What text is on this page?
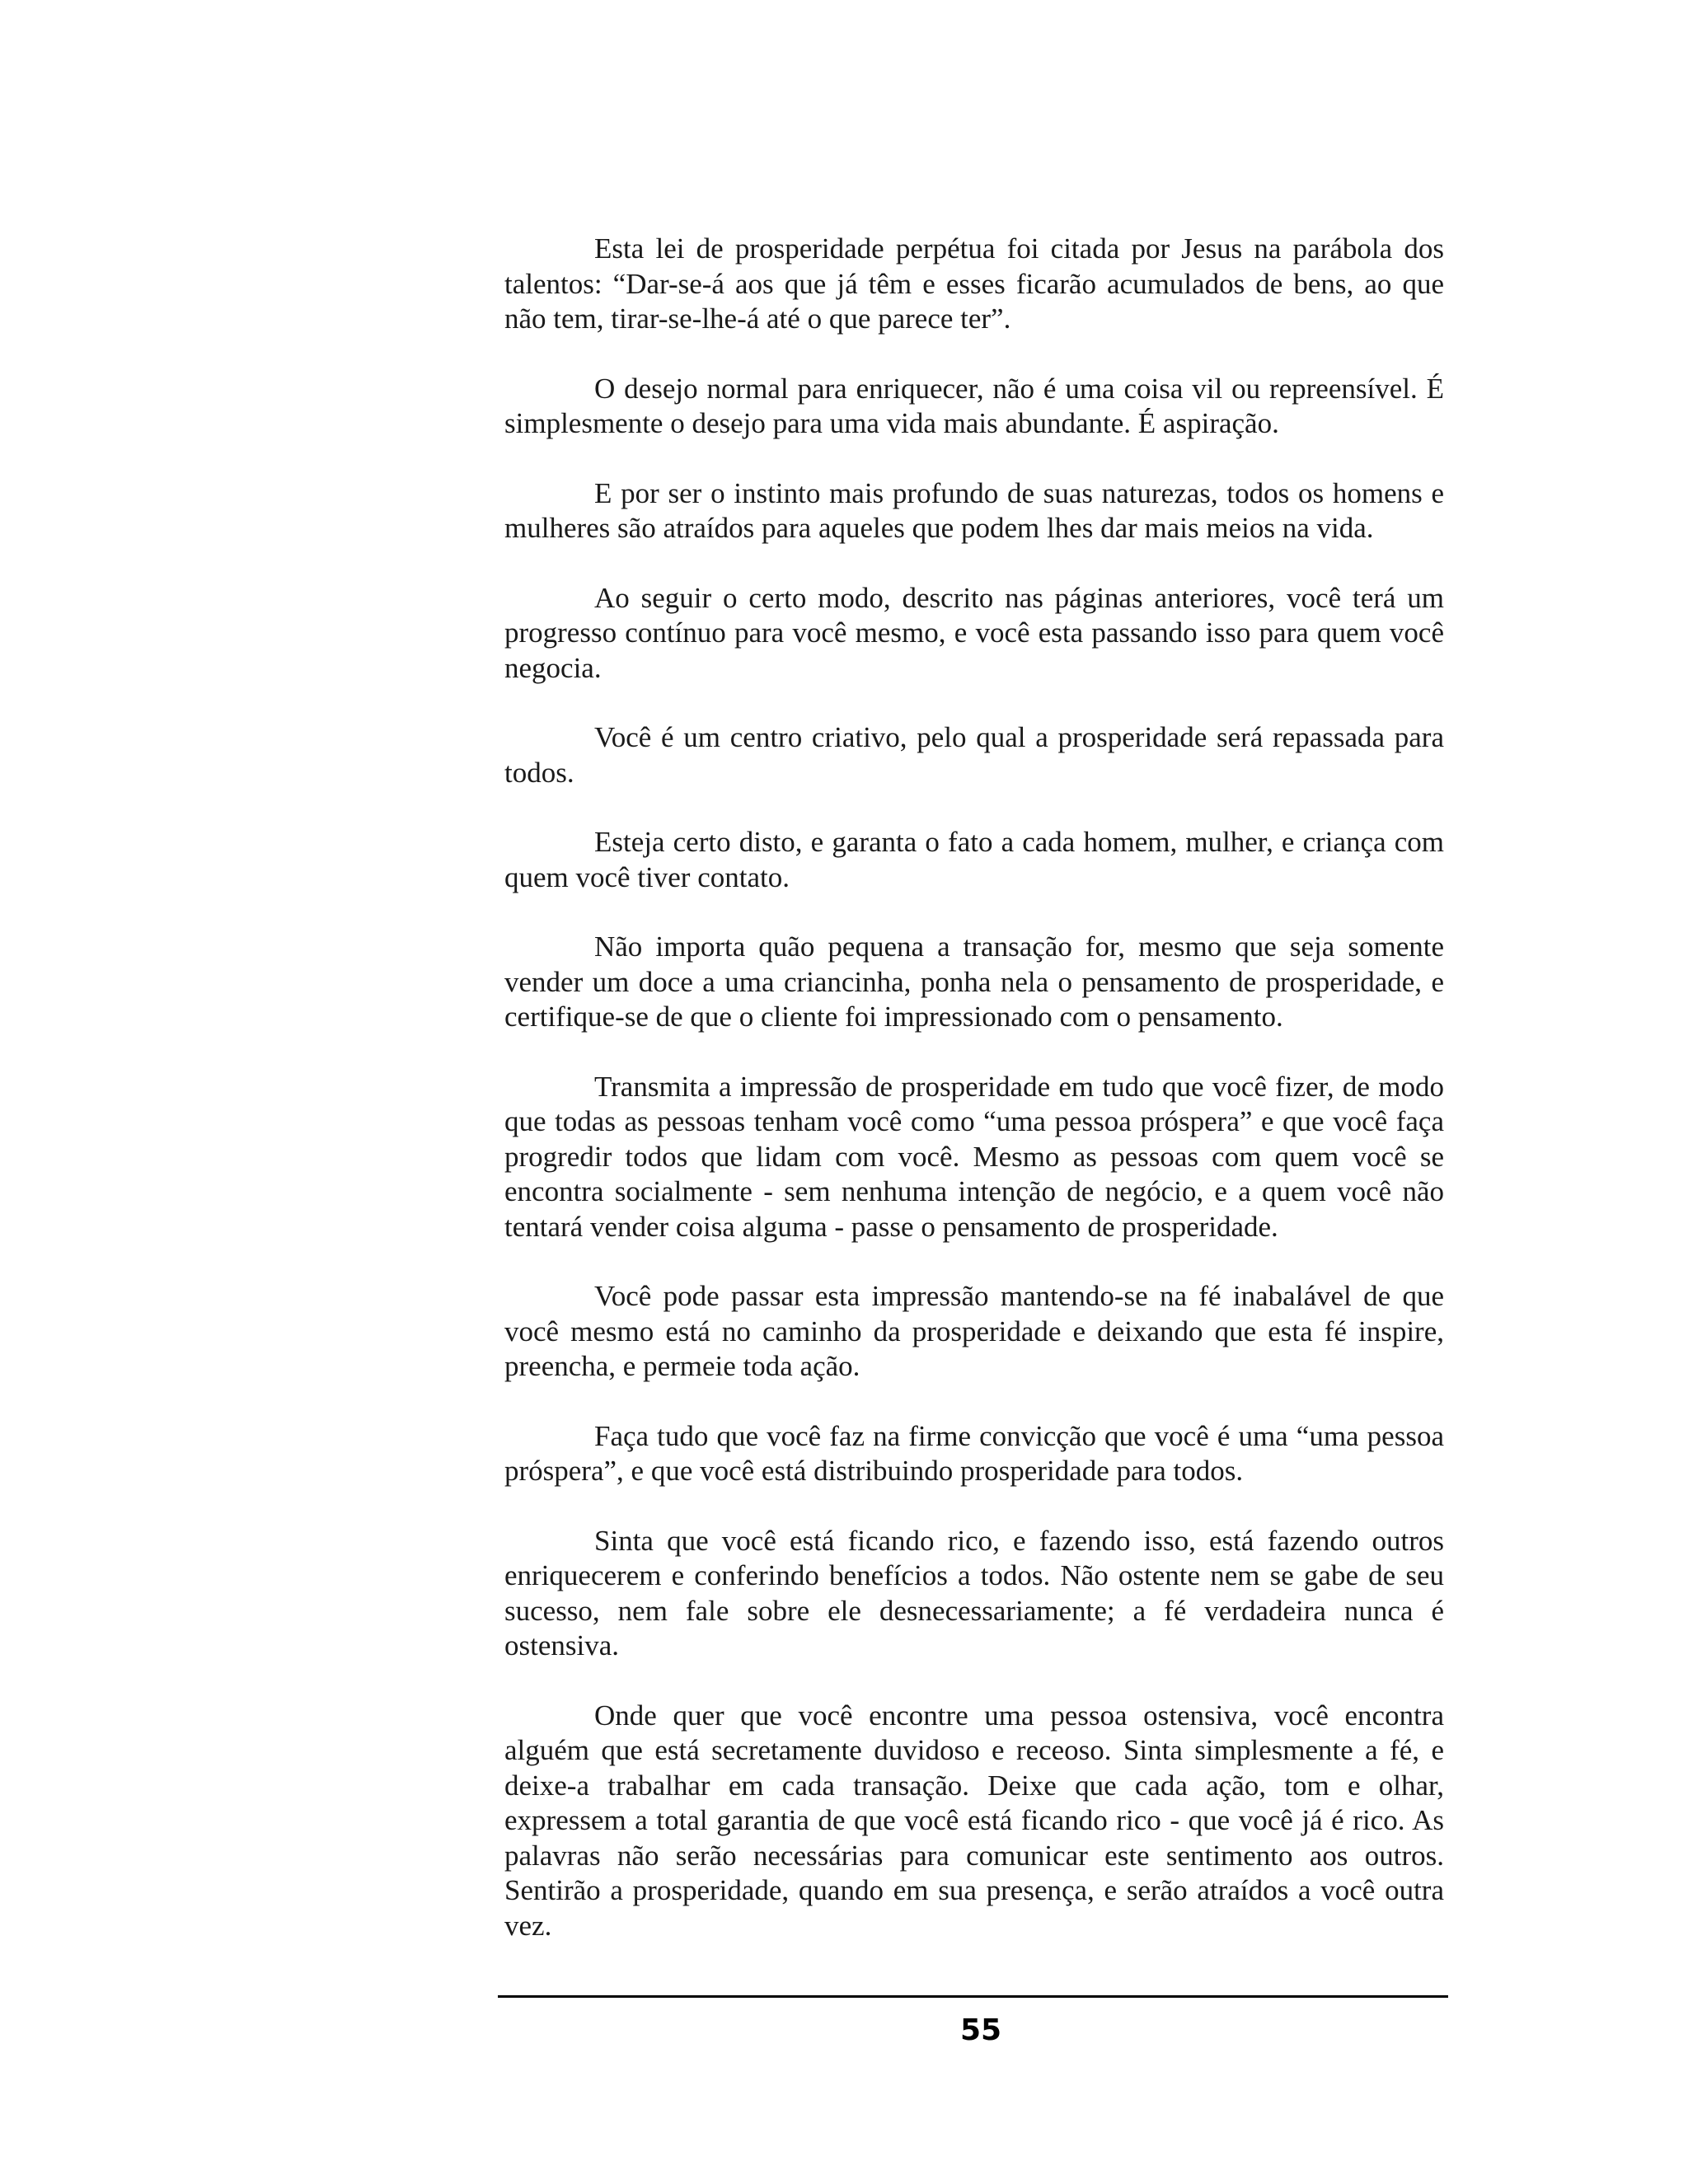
Esta lei de prosperidade perpétua foi citada por Jesus na parábola dos talentos: “Dar-se-á aos que já têm e esses ficarão acumulados de bens, ao que não tem, tirar-se-lhe-á até o que parece ter”.

O desejo normal para enriquecer, não é uma coisa vil ou repreensível. É simplesmente o desejo para uma vida mais abundante. É aspiração.

E por ser o instinto mais profundo de suas naturezas, todos os homens e mulheres são atraídos para aqueles que podem lhes dar mais meios na vida.

Ao seguir o certo modo, descrito nas páginas anteriores, você terá um progresso contínuo para você mesmo, e você esta passando isso para quem você negocia.

Você é um centro criativo, pelo qual a prosperidade será repassada para todos.

Esteja certo disto, e garanta o fato a cada homem, mulher, e criança com quem você tiver contato.

Não importa quão pequena a transação for, mesmo que seja somente vender um doce a uma criancinha, ponha nela o pensamento de prosperidade, e certifique-se de que o cliente foi impressionado com o pensamento.

Transmita a impressão de prosperidade em tudo que você fizer, de modo que todas as pessoas tenham você como “uma pessoa próspera” e que você faça progredir todos que lidam com você. Mesmo as pessoas com quem você se encontra socialmente - sem nenhuma intenção de negócio, e a quem você não tentará vender coisa alguma - passe o pensamento de prosperidade.

Você pode passar esta impressão mantendo-se na fé inabalável de que você mesmo está no caminho da prosperidade e deixando que esta fé inspire, preencha, e permeie toda ação.

Faça tudo que você faz na firme convicção que você é uma “uma pessoa próspera”, e que você está distribuindo prosperidade para todos.

Sinta que você está ficando rico, e fazendo isso, está fazendo outros enriquecerem e conferindo benefícios a todos. Não ostente nem se gabe de seu sucesso, nem fale sobre ele desnecessariamente; a fé verdadeira nunca é ostensiva.

Onde quer que você encontre uma pessoa ostensiva, você encontra alguém que está secretamente duvidoso e receoso. Sinta simplesmente a fé, e deixe-a trabalhar em cada transação. Deixe que cada ação, tom e olhar, expressem a total garantia de que você está ficando rico - que você já é rico. As palavras não serão necessárias para comunicar este sentimento aos outros. Sentirão a prosperidade, quando em sua presença, e serão atraídos a você outra vez.

55
